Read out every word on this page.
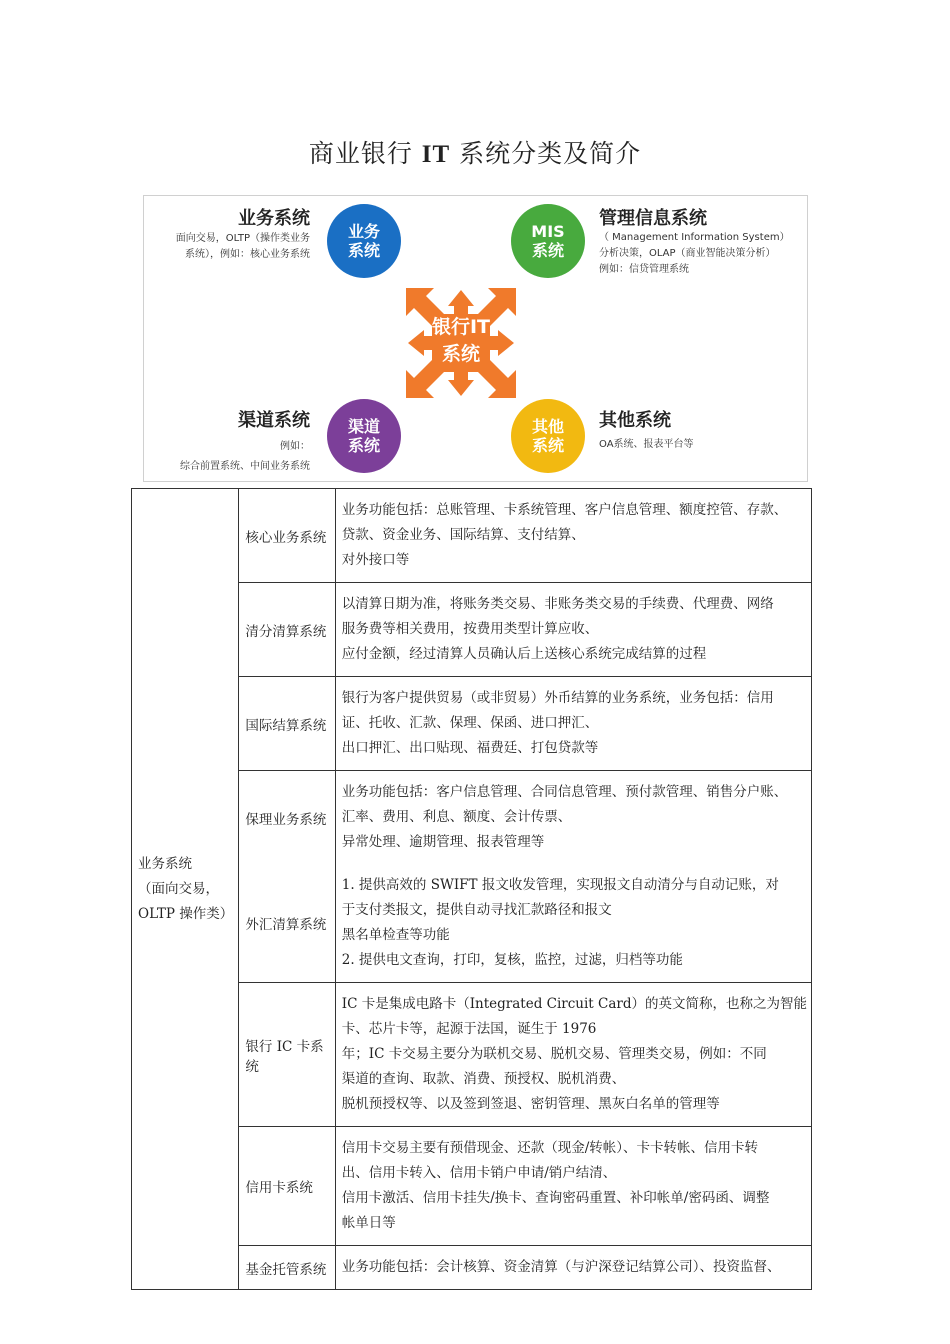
商业银行 IT 系统分类及简介
银行IT
系统
业务
系统
业务系统
面向交易，OLTP（操作类业务
系统），例如：核心业务系统
MIS
系统
管理信息系统
（ Management Information System）
分析决策，OLAP（商业智能决策分析）
例如：信贷管理系统
渠道
系统
渠道系统
例如：
综合前置系统、中间业务系统
其他
系统
其他系统
OA系统、报表平台等
业务系统
（面向交易，
OLTP 操作类）	核心业务系统	业务功能包括：总账管理、卡系统管理、客户信息管理、额度控管、存款、
贷款、资金业务、国际结算、支付结算、
对外接口等

	清分清算系统	以清算日期为准，将账务类交易、非账务类交易的手续费、代理费、网络
服务费等相关费用，按费用类型计算应收、
应付金额，经过清算人员确认后上送核心系统完成结算的过程

	国际结算系统	银行为客户提供贸易（或非贸易）外币结算的业务系统，业务包括：信用
证、托收、汇款、保理、保函、进口押汇、
出口押汇、出口贴现、福费廷、打包贷款等

	保理业务系统	业务功能包括：客户信息管理、合同信息管理、预付款管理、销售分户账、
汇率、费用、利息、额度、会计传票、
异常处理、逾期管理、报表管理等

	外汇清算系统	1. 提供高效的 SWIFT 报文收发管理，实现报文自动清分与自动记账，对
于支付类报文，提供自动寻找汇款路径和报文
黑名单检查等功能
2. 提供电文查询，打印，复核，监控，过滤，归档等功能

	银行 IC 卡系统	IC 卡是集成电路卡（Integrated Circuit Card）的英文简称，也称之为智能
卡、芯片卡等，起源于法国，诞生于 1976
年；IC 卡交易主要分为联机交易、脱机交易、管理类交易，例如：不同
渠道的查询、取款、消费、预授权、脱机消费、
脱机预授权等、以及签到签退、密钥管理、黑灰白名单的管理等

	信用卡系统	信用卡交易主要有预借现金、还款（现金/转帐）、卡卡转帐、信用卡转
出、信用卡转入、信用卡销户申请/销户结清、
信用卡激活、信用卡挂失/换卡、查询密码重置、补印帐单/密码函、调整
帐单日等

	基金托管系统	业务功能包括：会计核算、资金清算（与沪深登记结算公司）、投资监督、
